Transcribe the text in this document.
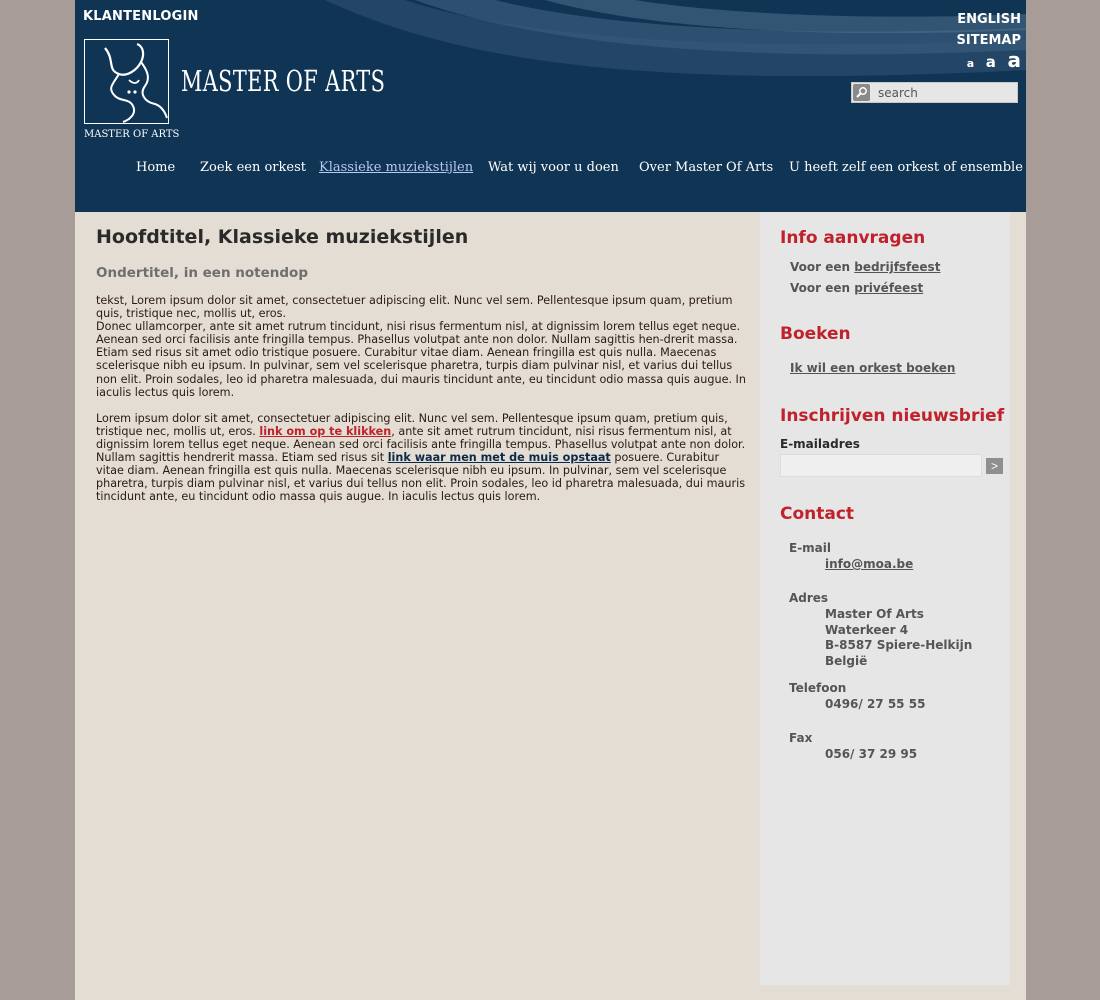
KLANTENLOGIN	ENGLISH
SITEMAP
a a a
search
MASTER OF ARTS
MASTER OF ARTS
Home Zoek een orkest Klassieke muziekstijlen Wat wij voor u doen Over Master Of Arts U heeft zelf een orkest of ensemble
Hoofdtitel, Klassieke muziekstijlen
Ondertitel, in een notendop

tekst, Lorem ipsum dolor sit amet, consectetuer adipiscing elit. Nunc vel sem. Pellentesque ipsum quam, pretium quis, tristique nec, mollis ut, eros.
Donec ullamcorper, ante sit amet rutrum tincidunt, nisi risus fermentum nisl, at dignissim lorem tellus eget neque. Aenean sed orci facilisis ante fringilla tempus. Phasellus volutpat ante non dolor. Nullam sagittis hen-drerit massa. Etiam sed risus sit amet odio tristique posuere. Curabitur vitae diam. Aenean fringilla est quis nulla. Maecenas scelerisque nibh eu ipsum. In pulvinar, sem vel scelerisque pharetra, turpis diam pulvinar nisl, et varius dui tellus non elit. Proin sodales, leo id pharetra malesuada, dui mauris tincidunt ante, eu tincidunt odio massa quis augue. In iaculis lectus quis lorem.

Lorem ipsum dolor sit amet, consectetuer adipiscing elit. Nunc vel sem. Pellentesque ipsum quam, pretium quis, tristique nec, mollis ut, eros. link om op te klikken, ante sit amet rutrum tincidunt, nisi risus fermentum nisl, at dignissim lorem tellus eget neque. Aenean sed orci facilisis ante fringilla tempus. Phasellus volutpat ante non dolor. Nullam sagittis hendrerit massa. Etiam sed risus sit link waar men met de muis opstaat posuere. Curabitur vitae diam. Aenean fringilla est quis nulla. Maecenas scelerisque nibh eu ipsum. In pulvinar, sem vel scelerisque pharetra, turpis diam pulvinar nisl, et varius dui tellus non elit. Proin sodales, leo id pharetra malesuada, dui mauris tincidunt ante, eu tincidunt odio massa quis augue. In iaculis lectus quis lorem.

Info aanvragen
Voor een bedrijfsfeest
Voor een privéfeest
Boeken
Ik wil een orkest boeken
Inschrijven nieuwsbrief
E-mailadres
>
Contact
E-mail
info@moa.be
Adres
Master Of Arts
Waterkeer 4
B-8587 Spiere-Helkijn
België
Telefoon
0496/ 27 55 55
Fax
056/ 37 29 95
